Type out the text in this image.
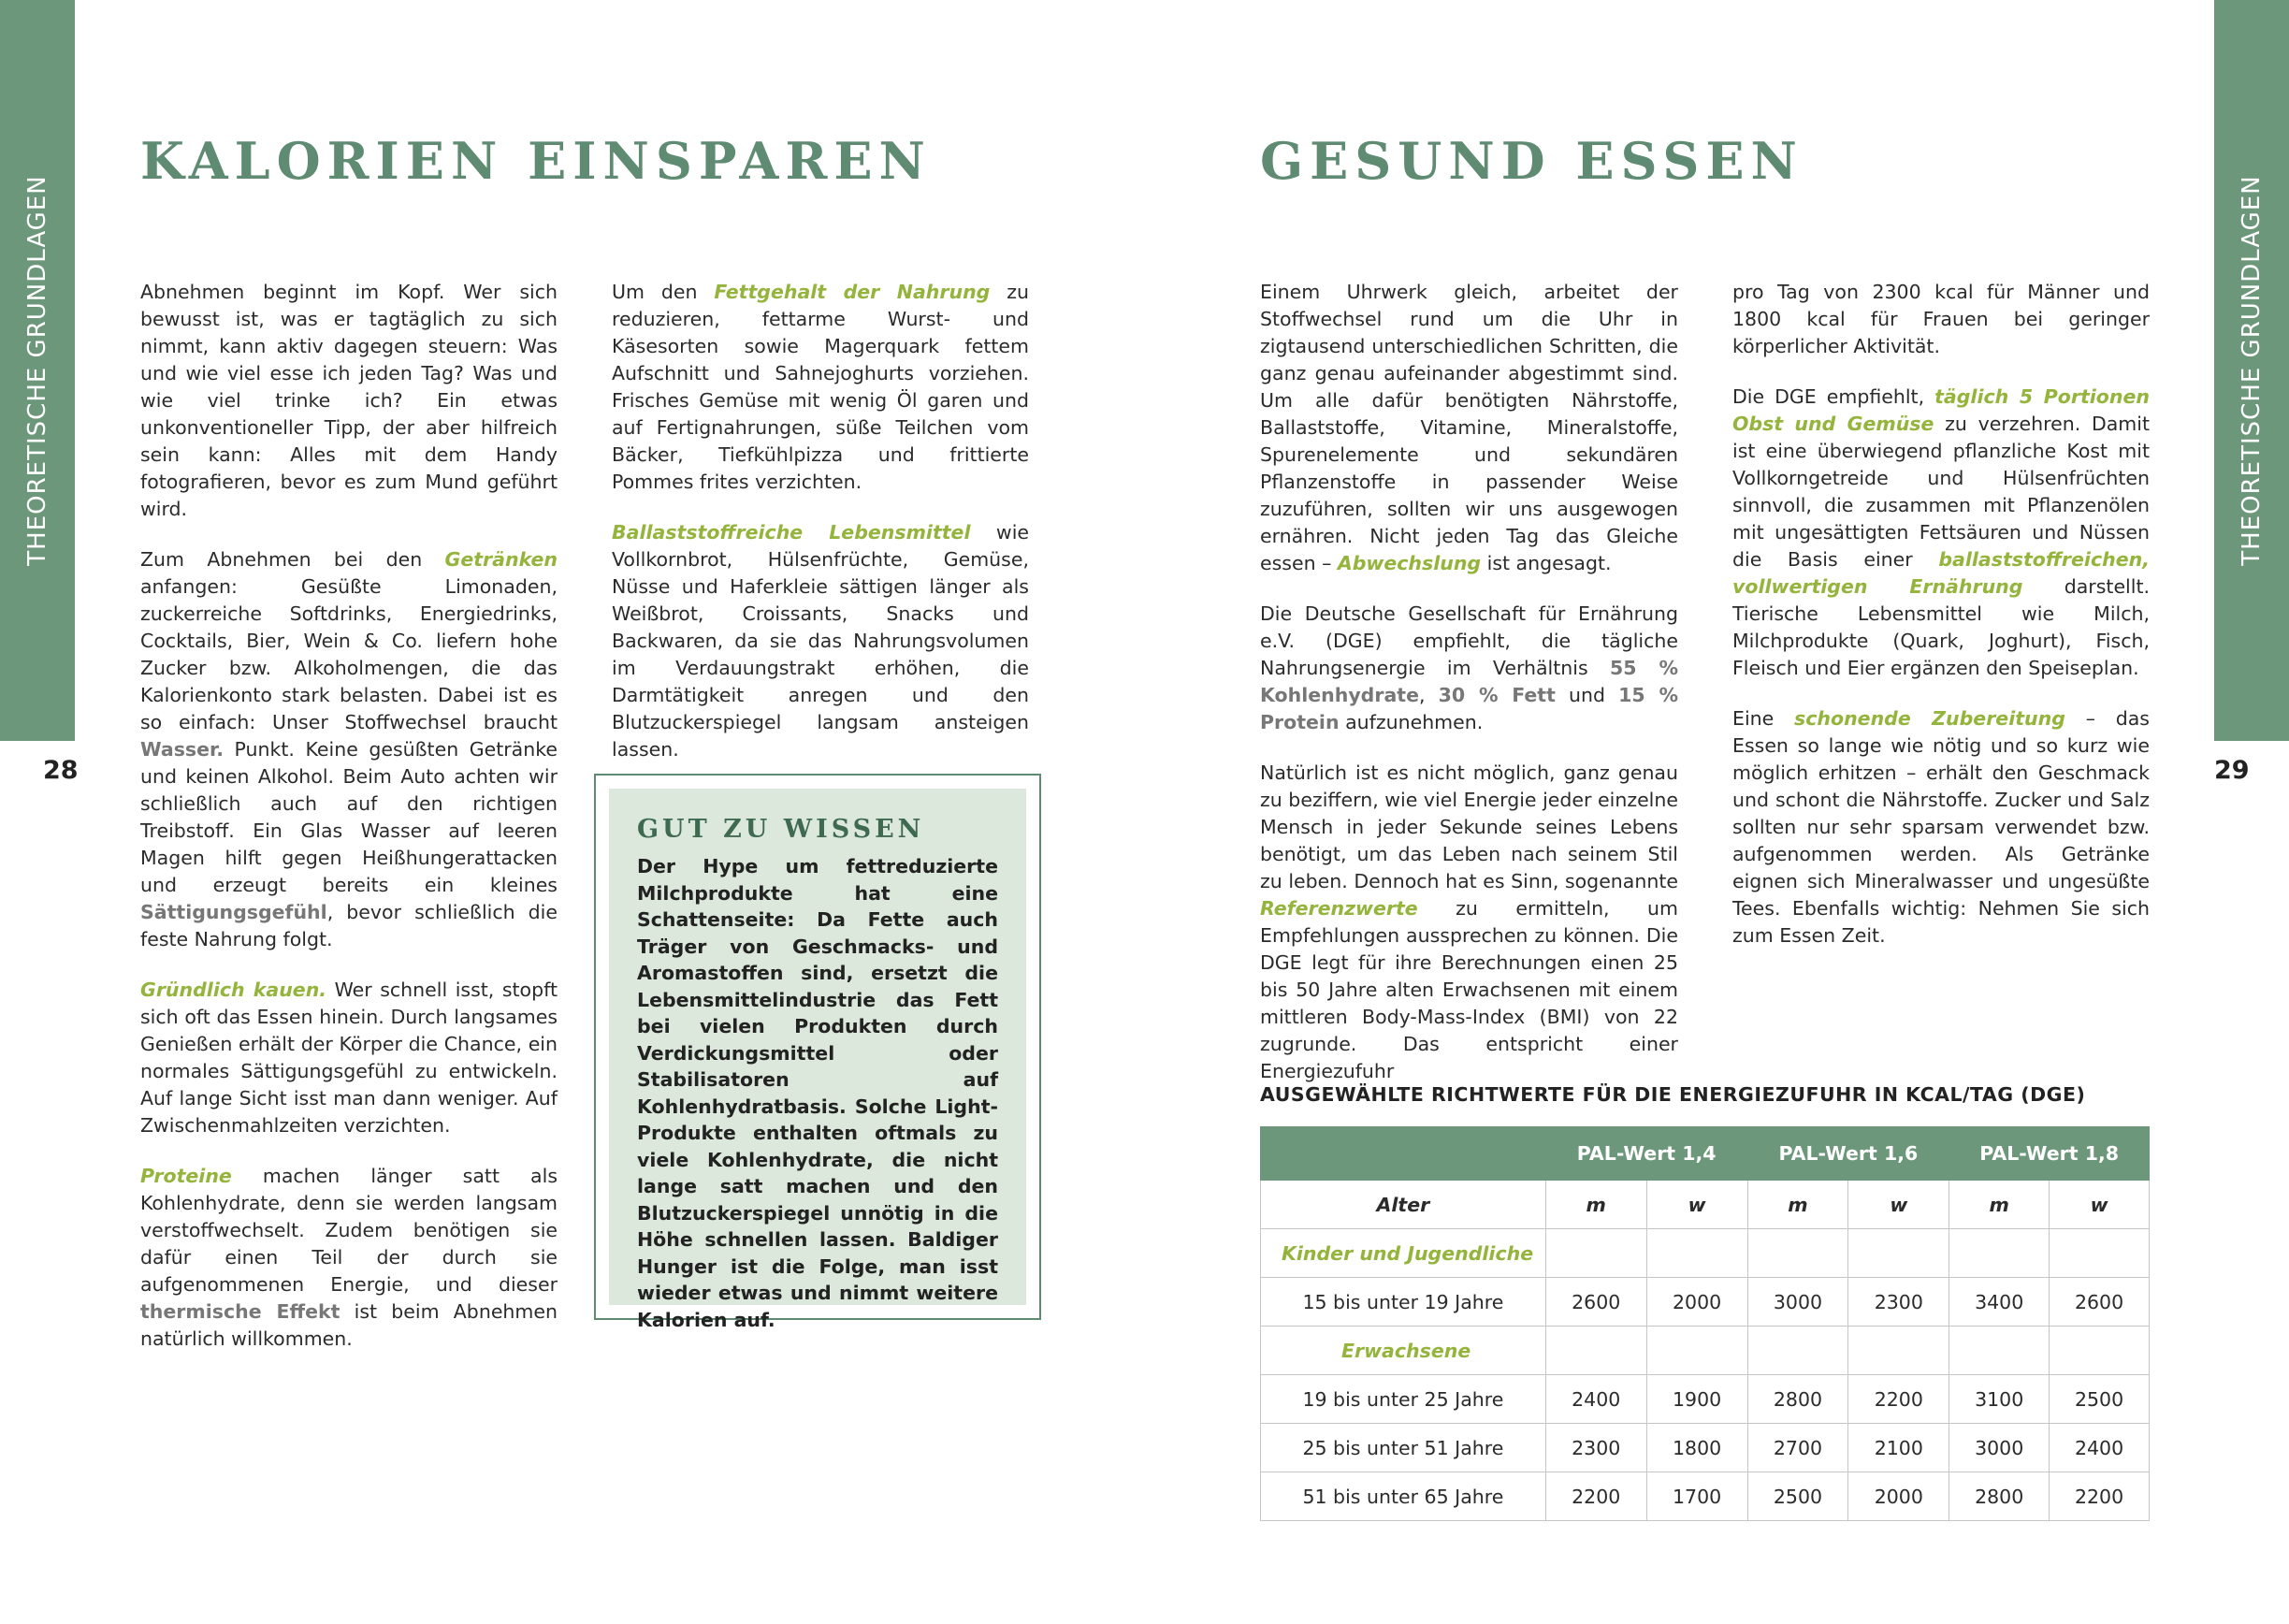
THEORETISCHE GRUNDLAGEN	THEORETISCHE GRUNDLAGEN
28	29
KALORIEN EINSPAREN

Abnehmen beginnt im Kopf. Wer sich bewusst ist, was er tagtäglich zu sich nimmt, kann aktiv dagegen steuern: Was und wie viel esse ich jeden Tag? Was und wie viel trinke ich? Ein etwas unkonventioneller Tipp, der aber hilfreich sein kann: Alles mit dem Handy fotografieren, bevor es zum Mund geführt wird.

Zum Abnehmen bei den Getränken anfangen: Gesüßte Limonaden, zuckerreiche Softdrinks, Energiedrinks, Cocktails, Bier, Wein & Co. liefern hohe Zucker bzw. Alkoholmengen, die das Kalorienkonto stark belasten. Dabei ist es so einfach: Unser Stoffwechsel braucht Wasser. Punkt. Keine gesüßten Getränke und keinen Alkohol. Beim Auto achten wir schließlich auch auf den richtigen Treibstoff. Ein Glas Wasser auf leeren Magen hilft gegen Heißhungerattacken und erzeugt bereits ein kleines Sättigungsgefühl, bevor schließlich die feste Nahrung folgt.

Gründlich kauen. Wer schnell isst, stopft sich oft das Essen hinein. Durch langsames Genießen erhält der Körper die Chance, ein normales Sättigungsgefühl zu entwickeln. Auf lange Sicht isst man dann weniger. Auf Zwischenmahlzeiten verzichten.

Proteine machen länger satt als Kohlenhydrate, denn sie werden langsam verstoffwechselt. Zudem benötigen sie dafür einen Teil der durch sie aufgenommenen Energie, und dieser thermische Effekt ist beim Abnehmen natürlich willkommen.

Um den Fettgehalt der Nahrung zu reduzieren, fettarme Wurst- und Käsesorten sowie Magerquark fettem Aufschnitt und Sahnejoghurts vorziehen. Frisches Gemüse mit wenig Öl garen und auf Fertignahrungen, süße Teilchen vom Bäcker, Tiefkühlpizza und frittierte Pommes frites verzichten.

Ballaststoffreiche Lebensmittel wie Vollkornbrot, Hülsenfrüchte, Gemüse, Nüsse und Haferkleie sättigen länger als Weißbrot, Croissants, Snacks und Backwaren, da sie das Nahrungsvolumen im Verdauungstrakt erhöhen, die Darmtätigkeit anregen und den Blutzuckerspiegel langsam ansteigen lassen.

GUT ZU WISSEN

Der Hype um fettreduzierte Milchprodukte hat eine Schattenseite: Da Fette auch Träger von Geschmacks- und Aromastoffen sind, ersetzt die Lebensmittelindustrie das Fett bei vielen Produkten durch Verdickungsmittel oder Stabilisatoren auf Kohlenhydratbasis. Solche Light-Produkte enthalten oftmals zu viele Kohlenhydrate, die nicht lange satt machen und den Blutzuckerspiegel unnötig in die Höhe schnellen lassen. Baldiger Hunger ist die Folge, man isst wieder etwas und nimmt weitere Kalorien auf.

GESUND ESSEN

Einem Uhrwerk gleich, arbeitet der Stoffwechsel rund um die Uhr in zigtausend unterschiedlichen Schritten, die ganz genau aufeinander abgestimmt sind. Um alle dafür benötigten Nährstoffe, Ballaststoffe, Vitamine, Mineralstoffe, Spurenelemente und sekundären Pflanzenstoffe in passender Weise zuzuführen, sollten wir uns ausgewogen ernähren. Nicht jeden Tag das Gleiche essen – Abwechslung ist angesagt.

Die Deutsche Gesellschaft für Ernährung e.V. (DGE) empfiehlt, die tägliche Nahrungsenergie im Verhältnis 55 % Kohlenhydrate, 30 % Fett und 15 % Protein aufzunehmen.

Natürlich ist es nicht möglich, ganz genau zu beziffern, wie viel Energie jeder einzelne Mensch in jeder Sekunde seines Lebens benötigt, um das Leben nach seinem Stil zu leben. Dennoch hat es Sinn, sogenannte Referenzwerte zu ermitteln, um Empfehlungen aussprechen zu können. Die DGE legt für ihre Berechnungen einen 25 bis 50 Jahre alten Erwachsenen mit einem mittleren Body-Mass-Index (BMI) von 22 zugrunde. Das entspricht einer Energiezufuhr

pro Tag von 2300 kcal für Männer und 1800 kcal für Frauen bei geringer körperlicher Aktivität.

Die DGE empfiehlt, täglich 5 Portionen Obst und Gemüse zu verzehren. Damit ist eine überwiegend pflanzliche Kost mit Vollkorngetreide und Hülsenfrüchten sinnvoll, die zusammen mit Pflanzenölen mit ungesättigten Fettsäuren und Nüssen die Basis einer ballaststoffreichen, vollwertigen Ernährung darstellt. Tierische Lebensmittel wie Milch, Milchprodukte (Quark, Joghurt), Fisch, Fleisch und Eier ergänzen den Speiseplan.

Eine schonende Zubereitung – das Essen so lange wie nötig und so kurz wie möglich erhitzen – erhält den Geschmack und schont die Nährstoffe. Zucker und Salz sollten nur sehr sparsam verwendet bzw. aufgenommen werden. Als Getränke eignen sich Mineralwasser und ungesüßte Tees. Ebenfalls wichtig: Nehmen Sie sich zum Essen Zeit.

AUSGEWÄHLTE RICHTWERTE FÜR DIE ENERGIEZUFUHR IN KCAL/TAG (DGE)
	PAL-Wert 1,4		PAL-Wert 1,6		PAL-Wert 1,8	
Alter	m	w	m	w	m	w
Kinder und Jugendliche						
15 bis unter 19 Jahre	2600	2000	3000	2300	3400	2600
Erwachsene						
19 bis unter 25 Jahre	2400	1900	2800	2200	3100	2500
25 bis unter 51 Jahre	2300	1800	2700	2100	3000	2400
51 bis unter 65 Jahre	2200	1700	2500	2000	2800	2200
